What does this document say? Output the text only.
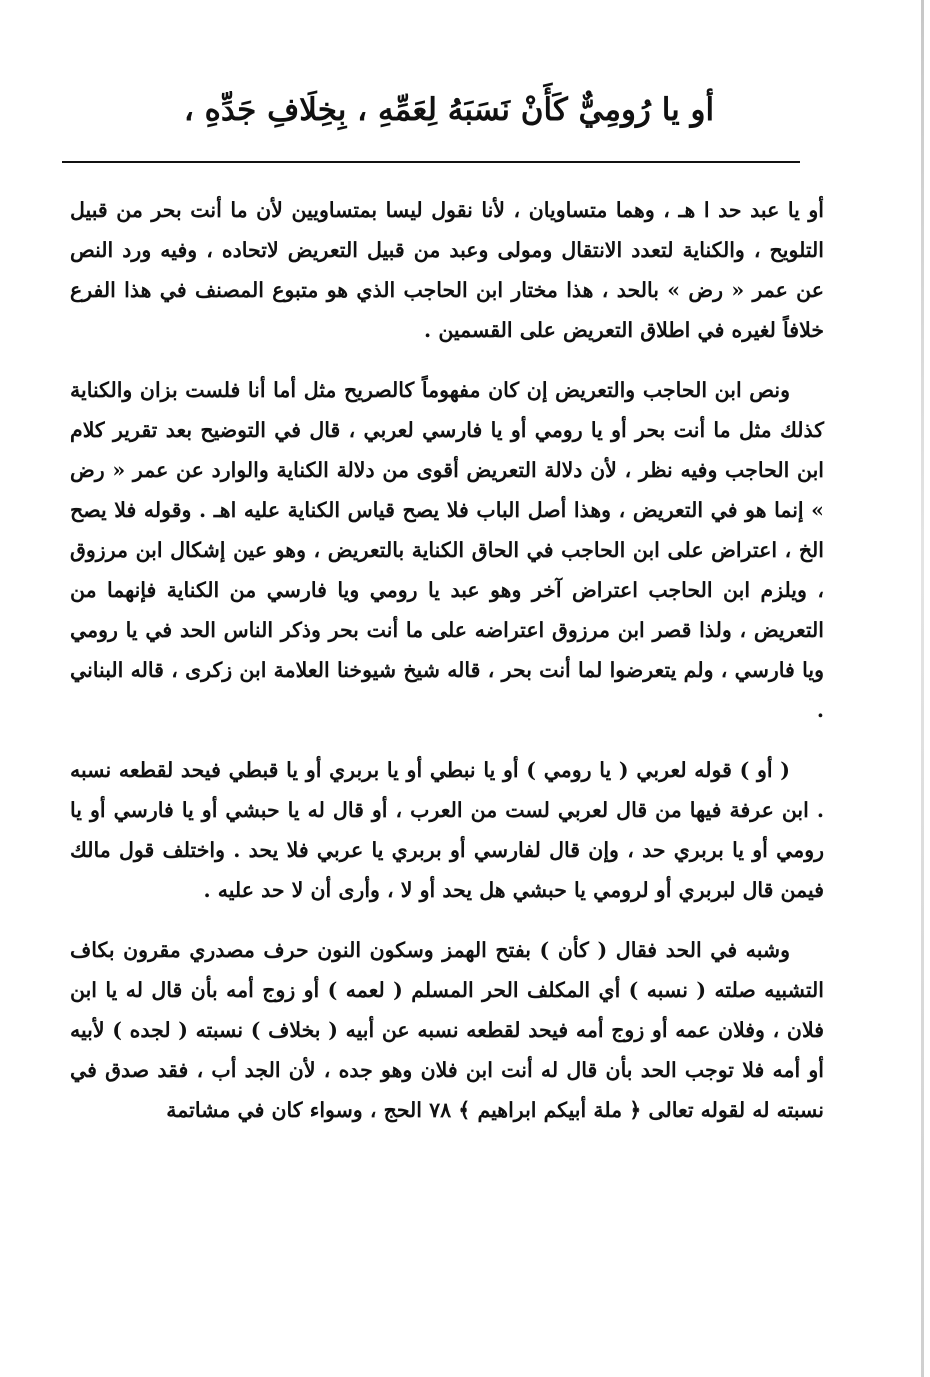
أو يا رُومِيٌّ كَأَنْ نَسَبَهُ لِعَمِّهِ ، بِخِلَافِ جَدِّهِ ،

أو يا عبد حد ا هـ ، وهما متساويان ، لأنا نقول ليسا بمتساويين لأن ما أنت بحر من قبيل التلويح ، والكناية لتعدد الانتقال ومولى وعبد من قبيل التعريض لاتحاده ، وفيه ورد النص عن عمر « رض » بالحد ، هذا مختار ابن الحاجب الذي هو متبوع المصنف في هذا الفرع خلافاً لغيره في اطلاق التعريض على القسمين .

ونص ابن الحاجب والتعريض إن كان مفهوماً كالصريح مثل أما أنا فلست بزان والكناية كذلك مثل ما أنت بحر أو يا رومي أو يا فارسي لعربي ، قال في التوضيح بعد تقرير كلام ابن الحاجب وفيه نظر ، لأن دلالة التعريض أقوى من دلالة الكناية والوارد عن عمر « رض » إنما هو في التعريض ، وهذا أصل الباب فلا يصح قياس الكناية عليه اهـ . وقوله فلا يصح الخ ، اعتراض على ابن الحاجب في الحاق الكناية بالتعريض ، وهو عين إشكال ابن مرزوق ، ويلزم ابن الحاجب اعتراض آخر وهو عبد يا رومي ويا فارسي من الكناية فإنهما من التعريض ، ولذا قصر ابن مرزوق اعتراضه على ما أنت بحر وذكر الناس الحد في يا رومي ويا فارسي ، ولم يتعرضوا لما أنت بحر ، قاله شيخ شيوخنا العلامة ابن زكرى ، قاله البناني .

( أو ) قوله لعربي ( يا رومي ) أو يا نبطي أو يا بربري أو يا قبطي فيحد لقطعه نسبه . ابن عرفة فيها من قال لعربي لست من العرب ، أو قال له يا حبشي أو يا فارسي أو يا رومي أو يا بربري حد ، وإن قال لفارسي أو بربري يا عربي فلا يحد . واختلف قول مالك فيمن قال لبربري أو لرومي يا حبشي هل يحد أو لا ، وأرى أن لا حد عليه .

وشبه في الحد فقال ( كأن ) بفتح الهمز وسكون النون حرف مصدري مقرون بكاف التشبيه صلته ( نسبه ) أي المكلف الحر المسلم ( لعمه ) أو زوج أمه بأن قال له يا ابن فلان ، وفلان عمه أو زوج أمه فيحد لقطعه نسبه عن أبيه ( بخلاف ) نسبته ( لجده ) لأبيه أو أمه فلا توجب الحد بأن قال له أنت ابن فلان وهو جده ، لأن الجد أب ، فقد صدق في نسبته له لقوله تعالى ﴿ ملة أبيكم ابراهيم ﴾ ٧٨ الحج ، وسواء كان في مشاتمة
